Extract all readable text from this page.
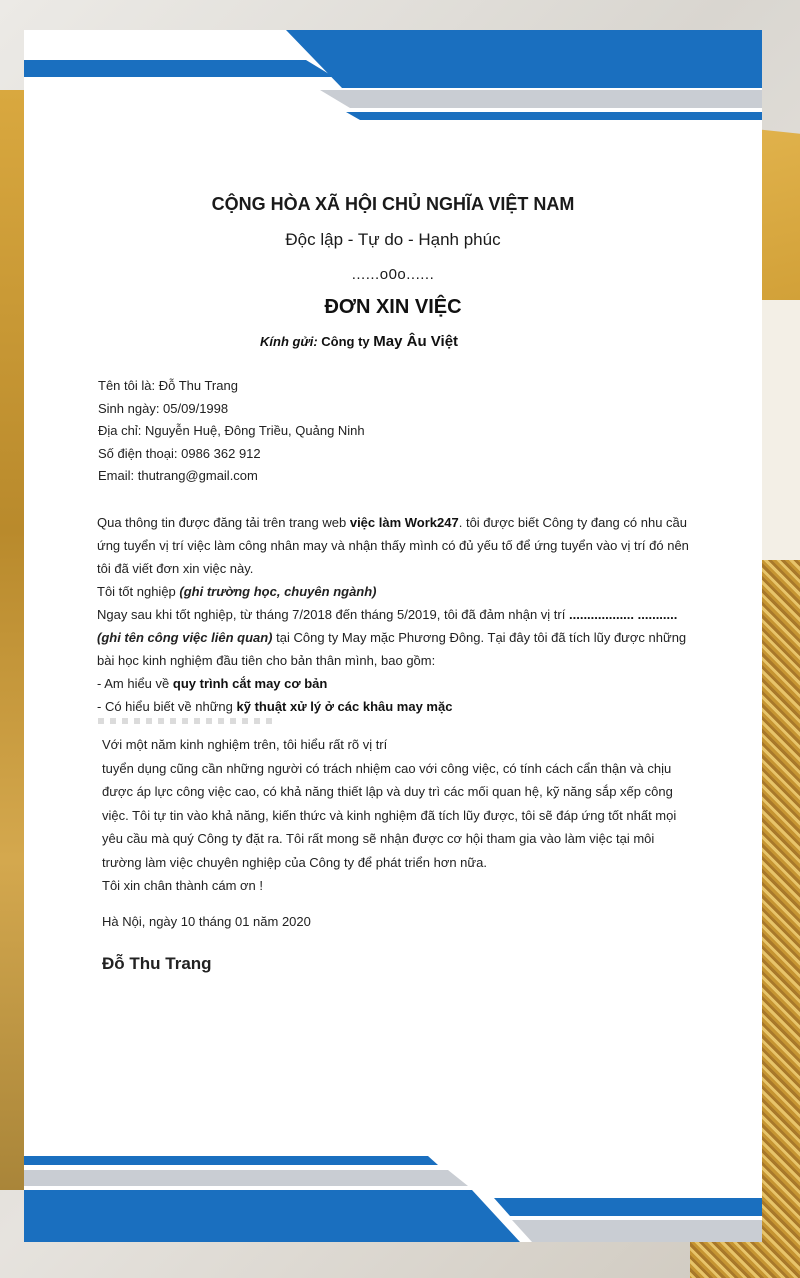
CỘNG HÒA XÃ HỘI CHỦ NGHĨA VIỆT NAM
Độc lập - Tự do - Hạnh phúc
......o0o......
ĐƠN XIN VIỆC
Kính gửi: Công ty May Âu Việt
Tên tôi là: Đỗ Thu Trang
Sinh ngày: 05/09/1998
Địa chỉ: Nguyễn Huệ, Đông Triều, Quảng Ninh
Số điện thoại: 0986 362 912
Email: thutrang@gmail.com

Qua thông tin được đăng tải trên trang web việc làm Work247. tôi được biết Công ty đang có nhu cầu ứng tuyển vị trí việc làm công nhân may và nhận thấy mình có đủ yếu tố để ứng tuyển vào vị trí đó nên tôi đã viết đơn xin việc này.

Tôi tốt nghiệp (ghi trường học, chuyên ngành)

Ngay sau khi tốt nghiệp, từ tháng 7/2018 đến tháng 5/2019, tôi đã đảm nhận vị trí .................. ........... (ghi tên công việc liên quan) tại Công ty May mặc Phương Đông. Tại đây tôi đã tích lũy được những bài học kinh nghiệm đầu tiên cho bản thân mình, bao gồm:

- Am hiểu về quy trình cắt may cơ bản

- Có hiểu biết về những kỹ thuật xử lý ở các khâu may mặc

Với một năm kinh nghiệm trên, tôi hiểu rất rõ vị trí

tuyển dụng cũng cần những người có trách nhiệm cao với công việc, có tính cách cẩn thận và chịu được áp lực công việc cao, có khả năng thiết lập và duy trì các mối quan hệ, kỹ năng sắp xếp công việc. Tôi tự tin vào khả năng, kiến thức và kinh nghiệm đã tích lũy được, tôi sẽ đáp ứng tốt nhất mọi yêu cầu mà quý Công ty đặt ra. Tôi rất mong sẽ nhận được cơ hội tham gia vào làm việc tại môi trường làm việc chuyên nghiệp của Công ty để phát triển hơn nữa.

Tôi xin chân thành cám ơn !

Hà Nội, ngày 10 tháng 01 năm 2020
Đỗ Thu Trang
